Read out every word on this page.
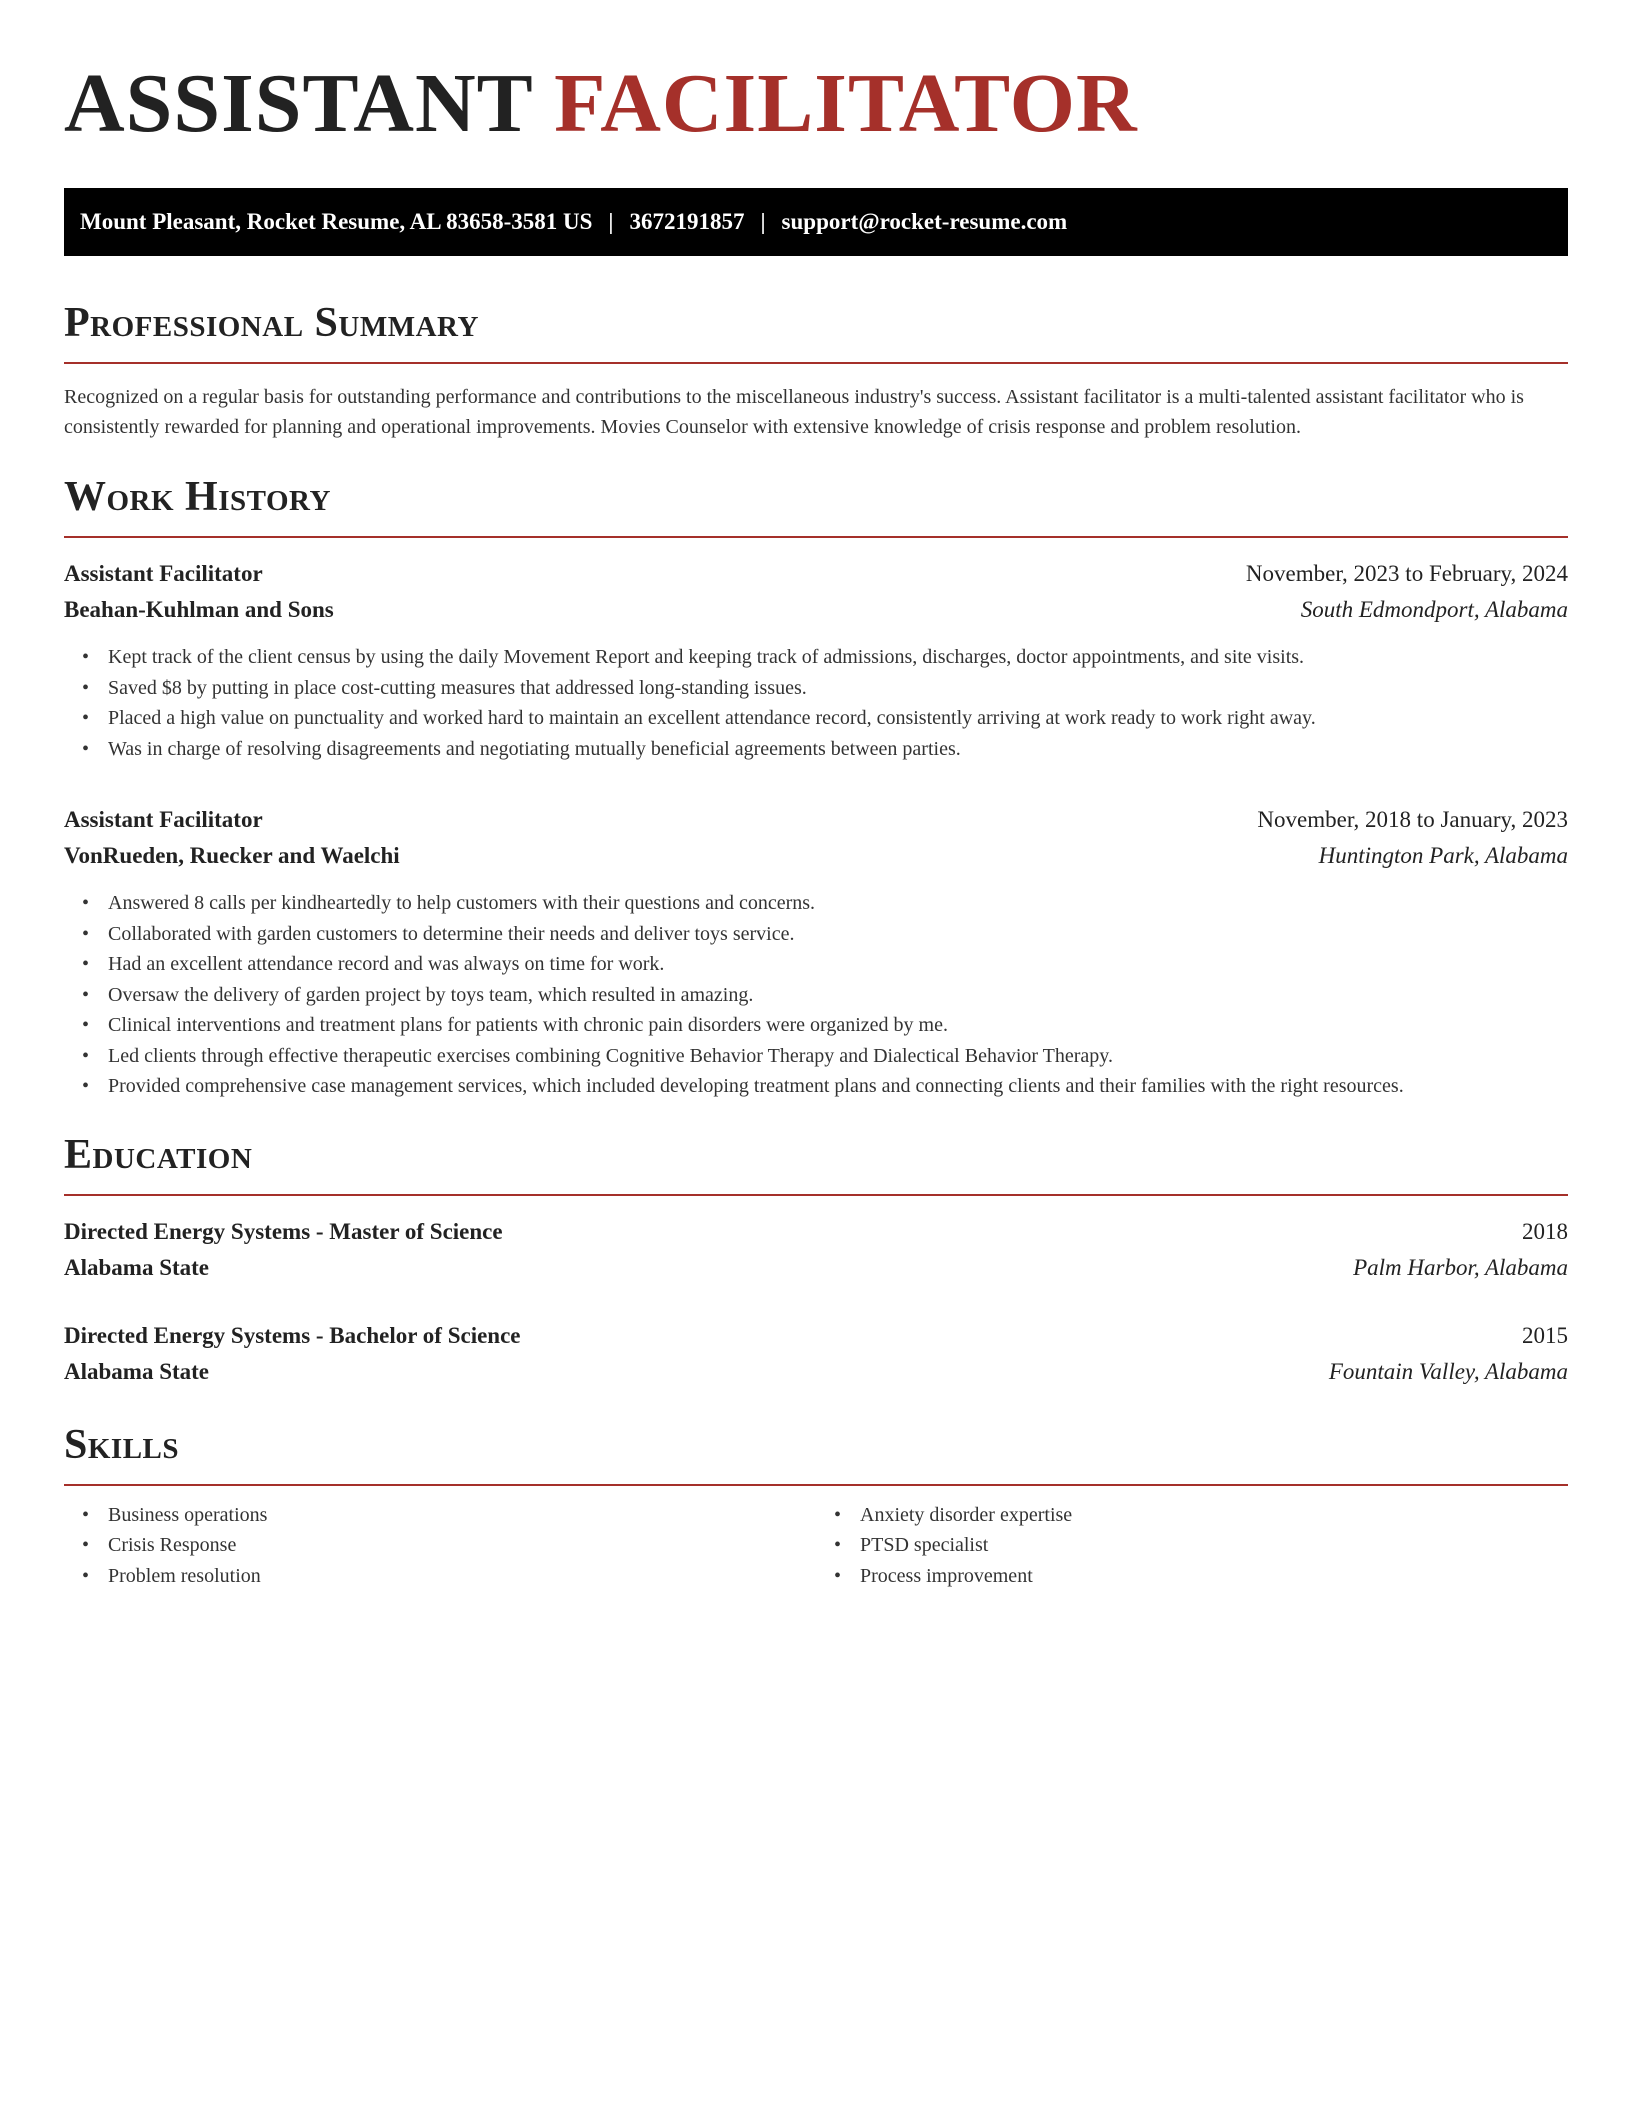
ASSISTANT FACILITATOR
Mount Pleasant, Rocket Resume, AL 83658-3581 US | 3672191857 | support@rocket-resume.com
Professional Summary

Recognized on a regular basis for outstanding performance and contributions to the miscellaneous industry's success. Assistant facilitator is a multi-talented assistant facilitator who is consistently rewarded for planning and operational improvements. Movies Counselor with extensive knowledge of crisis response and problem resolution.

Work History
Assistant Facilitator	November, 2023 to February, 2024
Beahan-Kuhlman and Sons	South Edmondport, Alabama
• Kept track of the client census by using the daily Movement Report and keeping track of admissions, discharges, doctor appointments, and site visits.
• Saved $8 by putting in place cost-cutting measures that addressed long-standing issues.
• Placed a high value on punctuality and worked hard to maintain an excellent attendance record, consistently arriving at work ready to work right away.
• Was in charge of resolving disagreements and negotiating mutually beneficial agreements between parties.
Assistant Facilitator	November, 2018 to January, 2023
VonRueden, Ruecker and Waelchi	Huntington Park, Alabama
• Answered 8 calls per kindheartedly to help customers with their questions and concerns.
• Collaborated with garden customers to determine their needs and deliver toys service.
• Had an excellent attendance record and was always on time for work.
• Oversaw the delivery of garden project by toys team, which resulted in amazing.
• Clinical interventions and treatment plans for patients with chronic pain disorders were organized by me.
• Led clients through effective therapeutic exercises combining Cognitive Behavior Therapy and Dialectical Behavior Therapy.
• Provided comprehensive case management services, which included developing treatment plans and connecting clients and their families with the right resources.
Education
Directed Energy Systems - Master of Science	2018
Alabama State	Palm Harbor, Alabama
Directed Energy Systems - Bachelor of Science	2015
Alabama State	Fountain Valley, Alabama
Skills
• Business operations
• Crisis Response
• Problem resolution
• Anxiety disorder expertise
• PTSD specialist
• Process improvement
